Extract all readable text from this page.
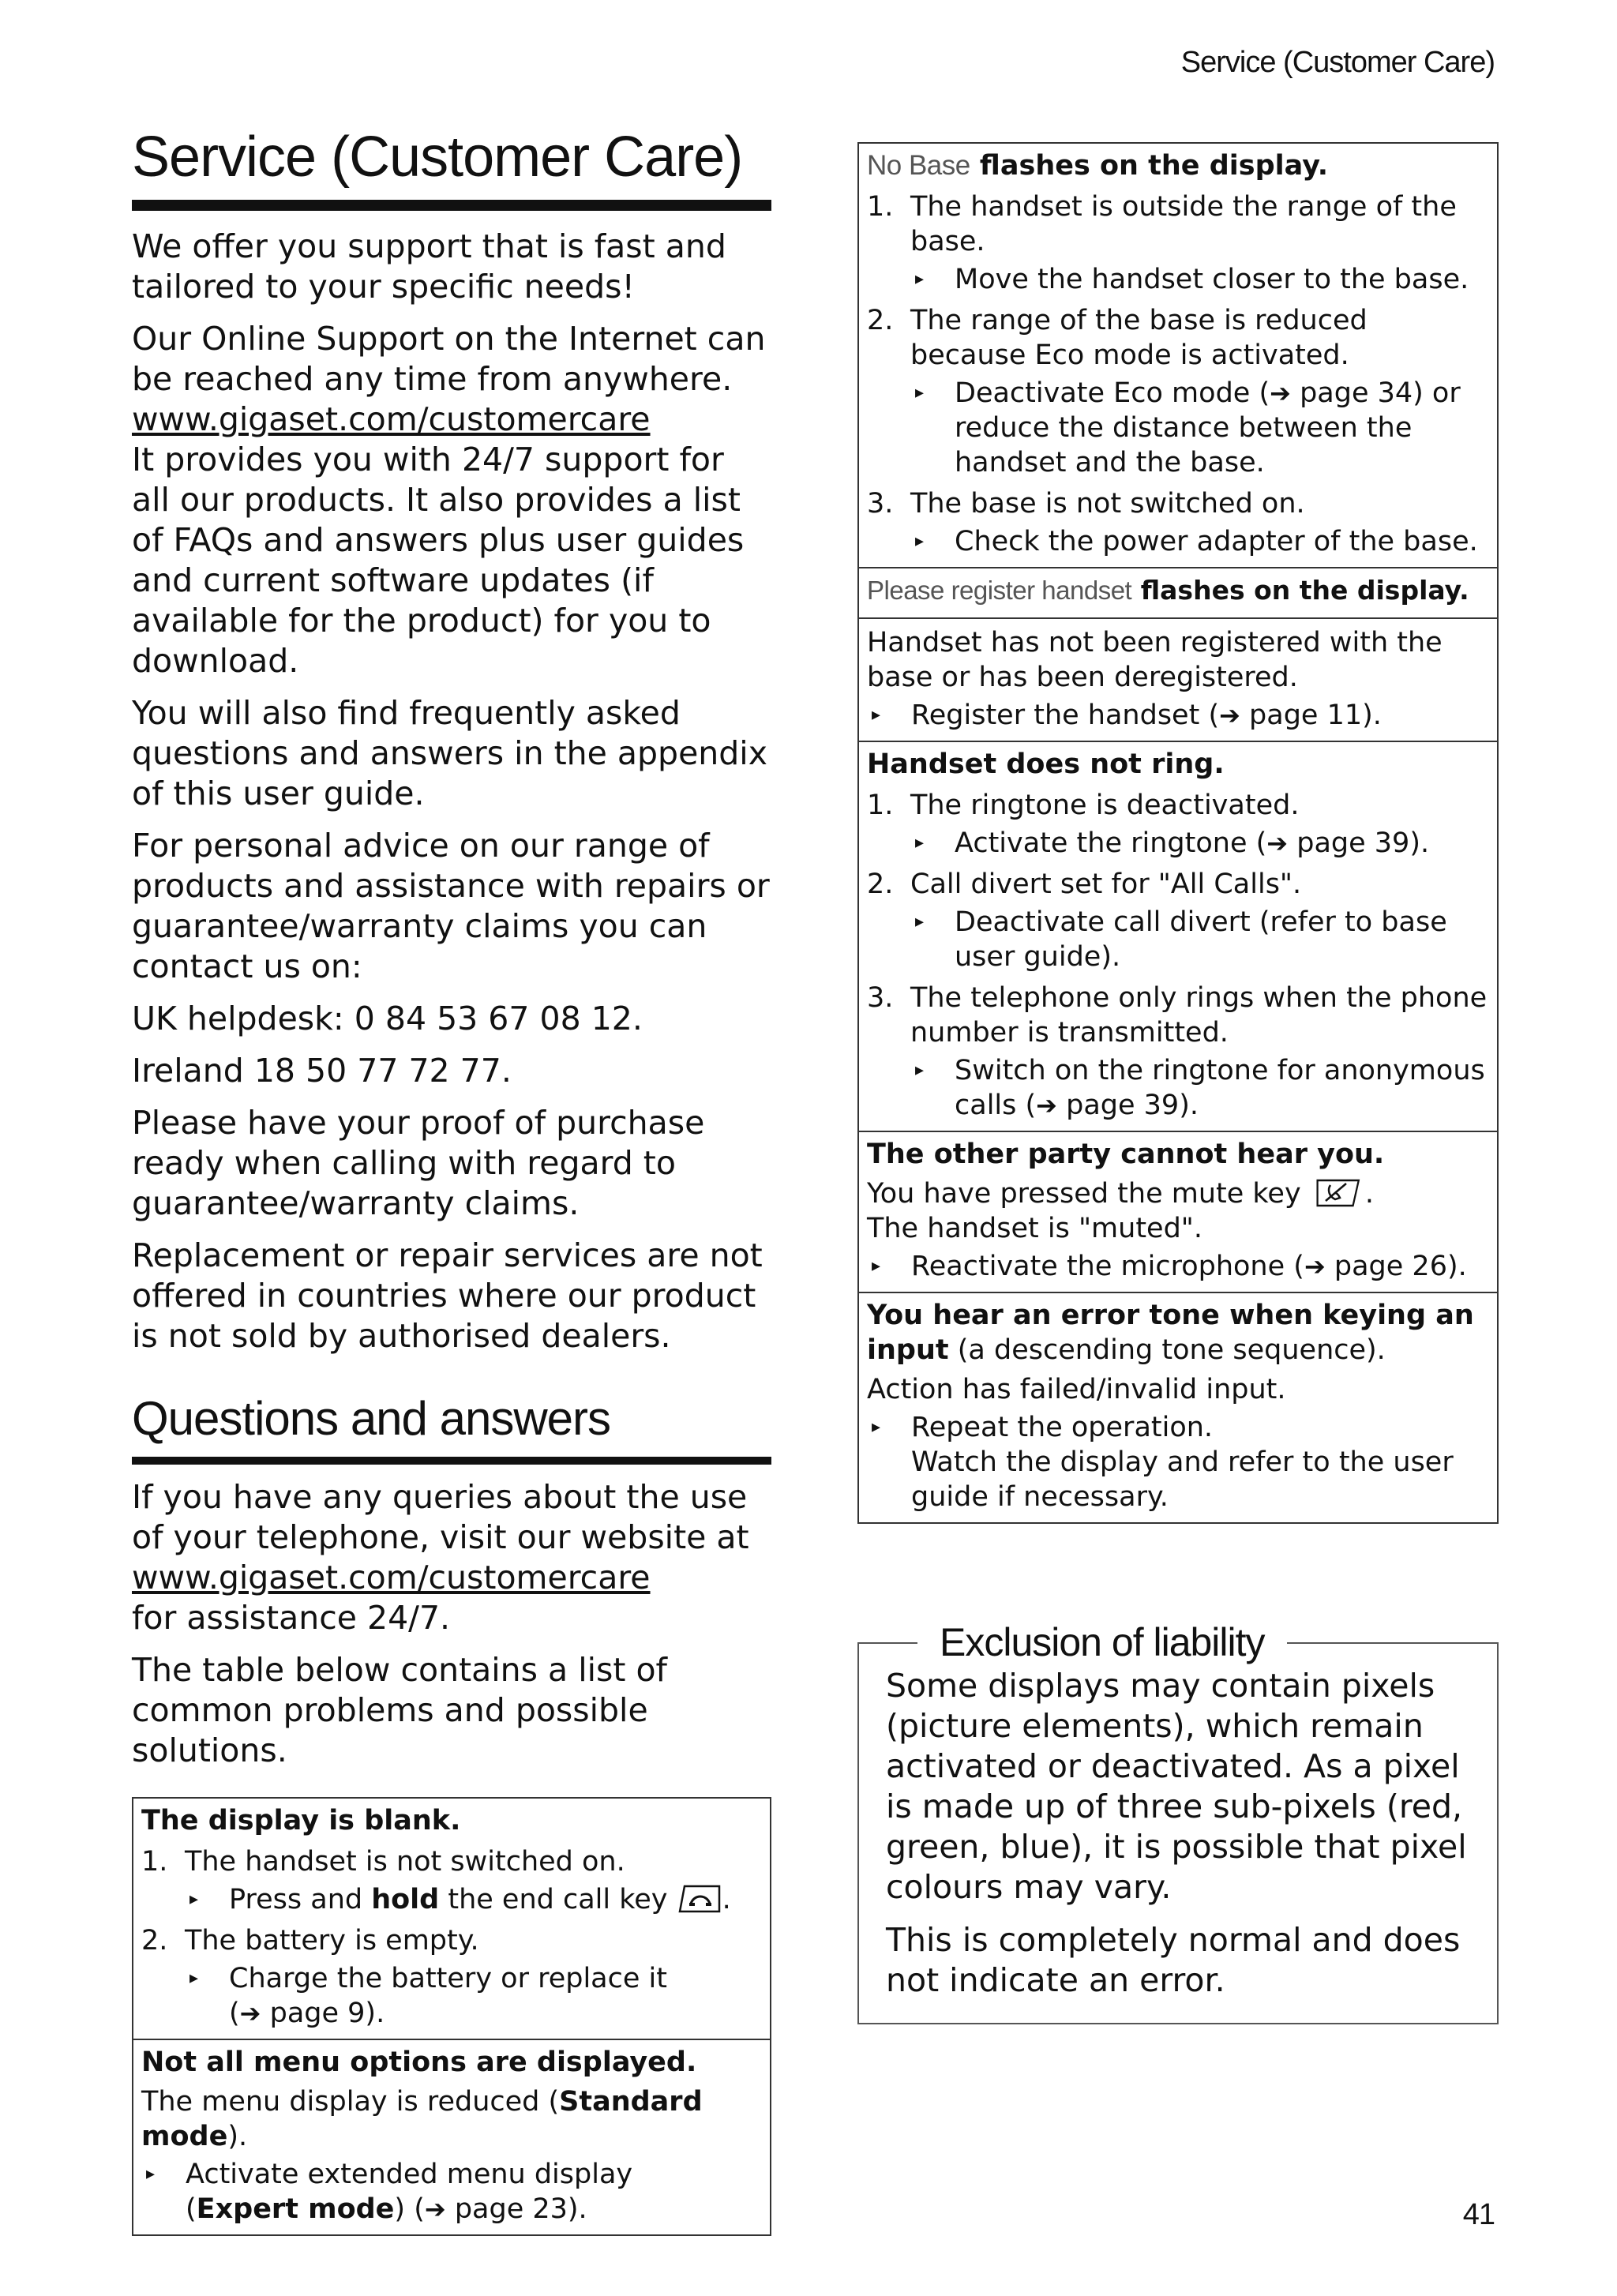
Service (Customer Care)
Service (Customer Care)

We offer you support that is fast and tailored to your specific needs!

Our Online Support on the Internet can be reached any time from anywhere.
www.gigaset.com/customercare

It provides you with 24/7 support for all our products. It also provides a list of FAQs and answers plus user guides and current software updates (if available for the product) for you to download.

You will also find frequently asked questions and answers in the appendix of this user guide.

For personal advice on our range of products and assistance with repairs or guarantee/warranty claims you can contact us on:

UK helpdesk: 0 84 53 67 08 12.

Ireland 18 50 77 72 77.

Please have your proof of purchase ready when calling with regard to guarantee/warranty claims.

Replacement or repair services are not offered in countries where our product is not sold by authorised dealers.

Questions and answers

If you have any queries about the use of your telephone, visit our website at
www.gigaset.com/customercare
for assistance 24/7.

The table below contains a list of common problems and possible solutions.

The display is blank.
1. The handset is not switched on.
▸	Press and hold the end call key .
2. The battery is empty.
▸	Charge the battery or replace it
(➔ page 9).
Not all menu options are displayed.
The menu display is reduced (Standard mode).
▸	Activate extended menu display
(Expert mode) (➔ page 23).
No Base flashes on the display.
1. The handset is outside the range of the base.
▸	Move the handset closer to the base.
2. The range of the base is reduced because Eco mode is activated.
▸	Deactivate Eco mode (➔ page 34) or reduce the distance between the handset and the base.
3. The base is not switched on.
▸	Check the power adapter of the base.
Please register handset flashes on the display.
Handset has not been registered with the base or has been deregistered.
▸	Register the handset (➔ page 11).
Handset does not ring.
1. The ringtone is deactivated.
▸	Activate the ringtone (➔ page 39).
2. Call divert set for "All Calls".
▸	Deactivate call divert (refer to base user guide).
3. The telephone only rings when the phone number is transmitted.
▸	Switch on the ringtone for anonymous calls (➔ page 39).
The other party cannot hear you.
You have pressed the mute key .
The handset is "muted".
▸	Reactivate the microphone (➔ page 26).
You hear an error tone when keying an input (a descending tone sequence).
Action has failed/invalid input.
▸	Repeat the operation.
Watch the display and refer to the user guide if necessary.
Exclusion of liability

Some displays may contain pixels (picture elements), which remain activated or deactivated. As a pixel is made up of three sub-pixels (red, green, blue), it is possible that pixel colours may vary.

This is completely normal and does not indicate an error.

41
